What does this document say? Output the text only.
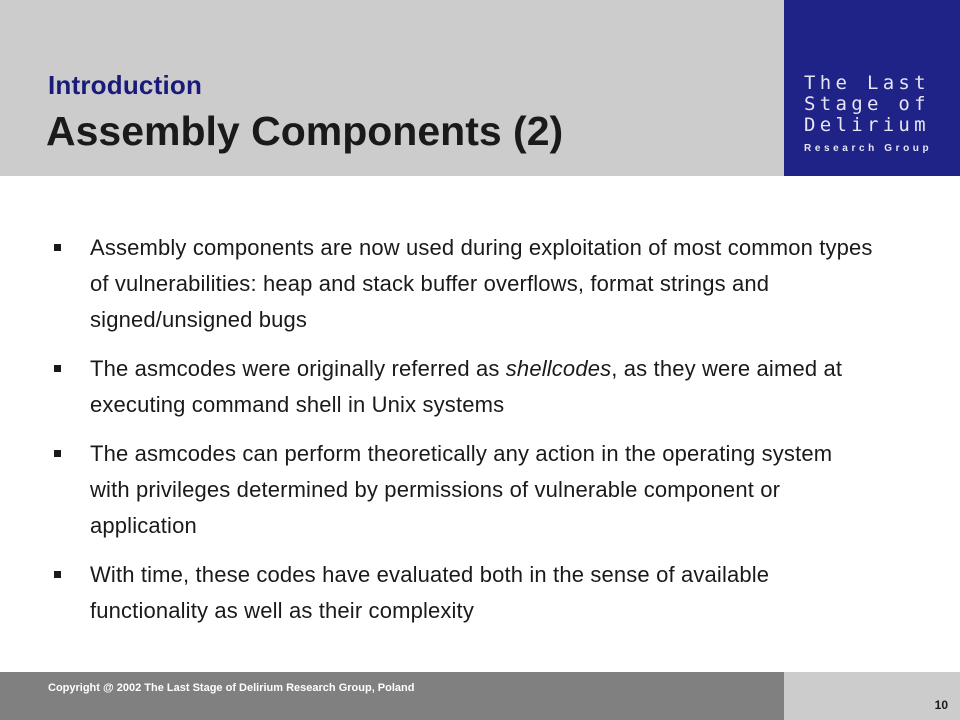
Introduction
Assembly Components (2)
The Last
Stage of
Delirium
Research Group
Assembly components are now used during exploitation of most common types of vulnerabilities: heap and stack buffer overflows, format strings and signed/unsigned bugs
The asmcodes were originally referred as shellcodes, as they were aimed at executing command shell in Unix systems
The asmcodes can perform theoretically any action in the operating system with privileges determined by permissions of vulnerable component or application
With time, these codes have evaluated both in the sense of available functionality as well as their complexity
Copyright @ 2002 The Last Stage of Delirium Research Group, Poland
10
